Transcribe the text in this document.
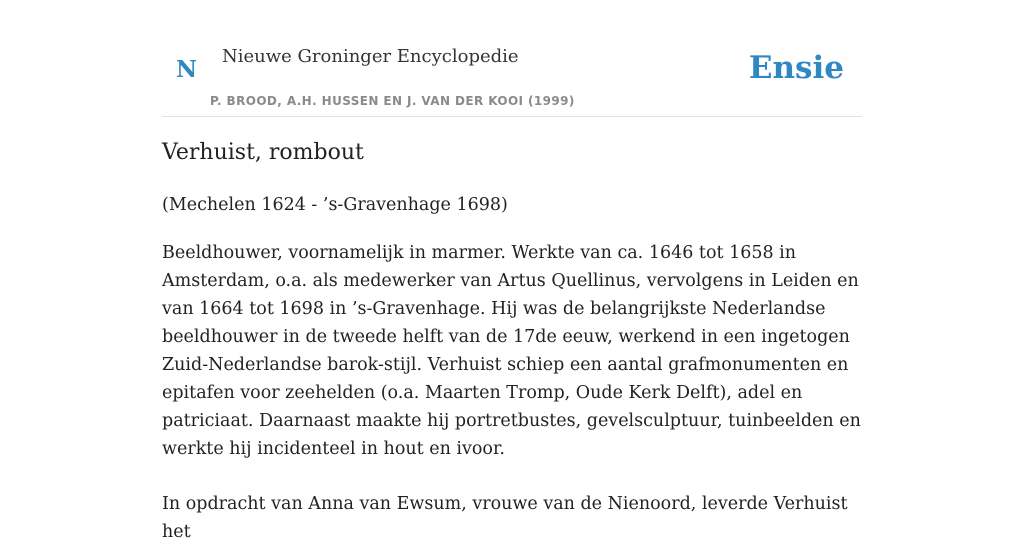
N Nieuwe Groninger Encyclopedie
P. BROOD, A.H. HUSSEN EN J. VAN DER KOOI (1999)
Ensie
Verhuist, rombout

(Mechelen 1624 - ’s-Gravenhage 1698)

Beeldhouwer, voornamelijk in marmer. Werkte van ca. 1646 tot 1658 in Amsterdam, o.a. als medewerker van Artus Quellinus, vervolgens in Leiden en van 1664 tot 1698 in ’s-Gravenhage. Hij was de belangrijkste Nederlandse beeldhouwer in de tweede helft van de 17de eeuw, werkend in een ingetogen Zuid-Nederlandse barok-stijl. Verhuist schiep een aantal grafmonumenten en epitafen voor zeehelden (o.a. Maarten Tromp, Oude Kerk Delft), adel en patriciaat. Daarnaast maakte hij portretbustes, gevelsculptuur, tuinbeelden en werkte hij incidenteel in hout en ivoor.

In opdracht van Anna van Ewsum, vrouwe van de Nienoord, leverde Verhuist het
